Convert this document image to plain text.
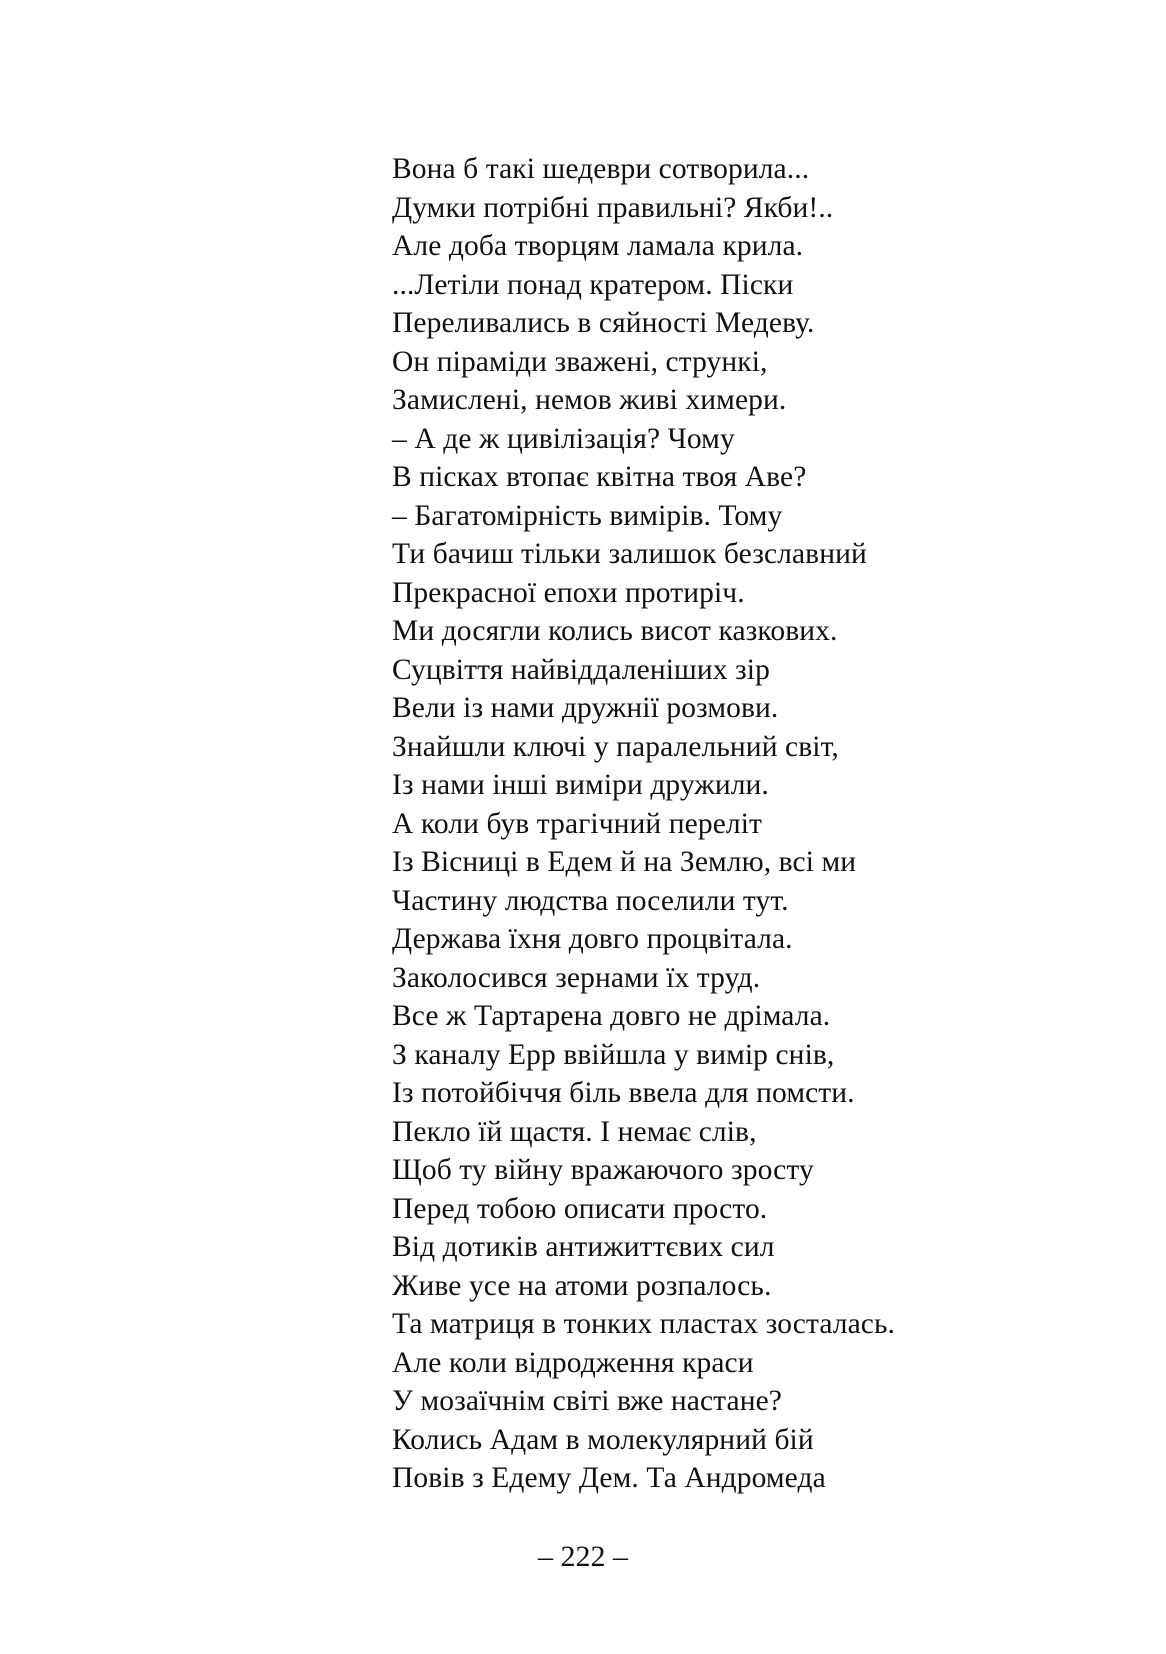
Вона б такі шедеври сотворила...
Думки потрібні правильні? Якби!..
Але доба творцям ламала крила.
...Летіли понад кратером. Піски
Переливались в сяйності Медеву.
Он піраміди зважені, стрункі,
Замислені, немов живі химери.
– А де ж цивілізація? Чому
В пісках втопає квітна твоя Аве?
– Багатомірність вимірів. Тому
Ти бачиш тільки залишок безславний
Прекрасної епохи протиріч.
Ми досягли колись висот казкових.
Суцвіття найвіддаленіших зір
Вели із нами дружнії розмови.
Знайшли ключі у паралельний світ,
Із нами інші виміри дружили.
А коли був трагічний переліт
Із Вісниці в Едем й на Землю, всі ми
Частину людства поселили тут.
Держава їхня довго процвітала.
Заколосився зернами їх труд.
Все ж Тартарена довго не дрімала.
З каналу Ерр ввійшла у вимір снів,
Із потойбіччя біль ввела для помсти.
Пекло їй щастя. І немає слів,
Щоб ту війну вражаючого зросту
Перед тобою описати просто.
Від дотиків антижиттєвих сил
Живе усе на атоми розпалось.
Та матриця в тонких пластах зосталась.
Але коли відродження краси
У мозаїчнім світі вже настане?
Колись Адам в молекулярний бій
Повів з Едему Дем. Та Андромеда
– 222 –
